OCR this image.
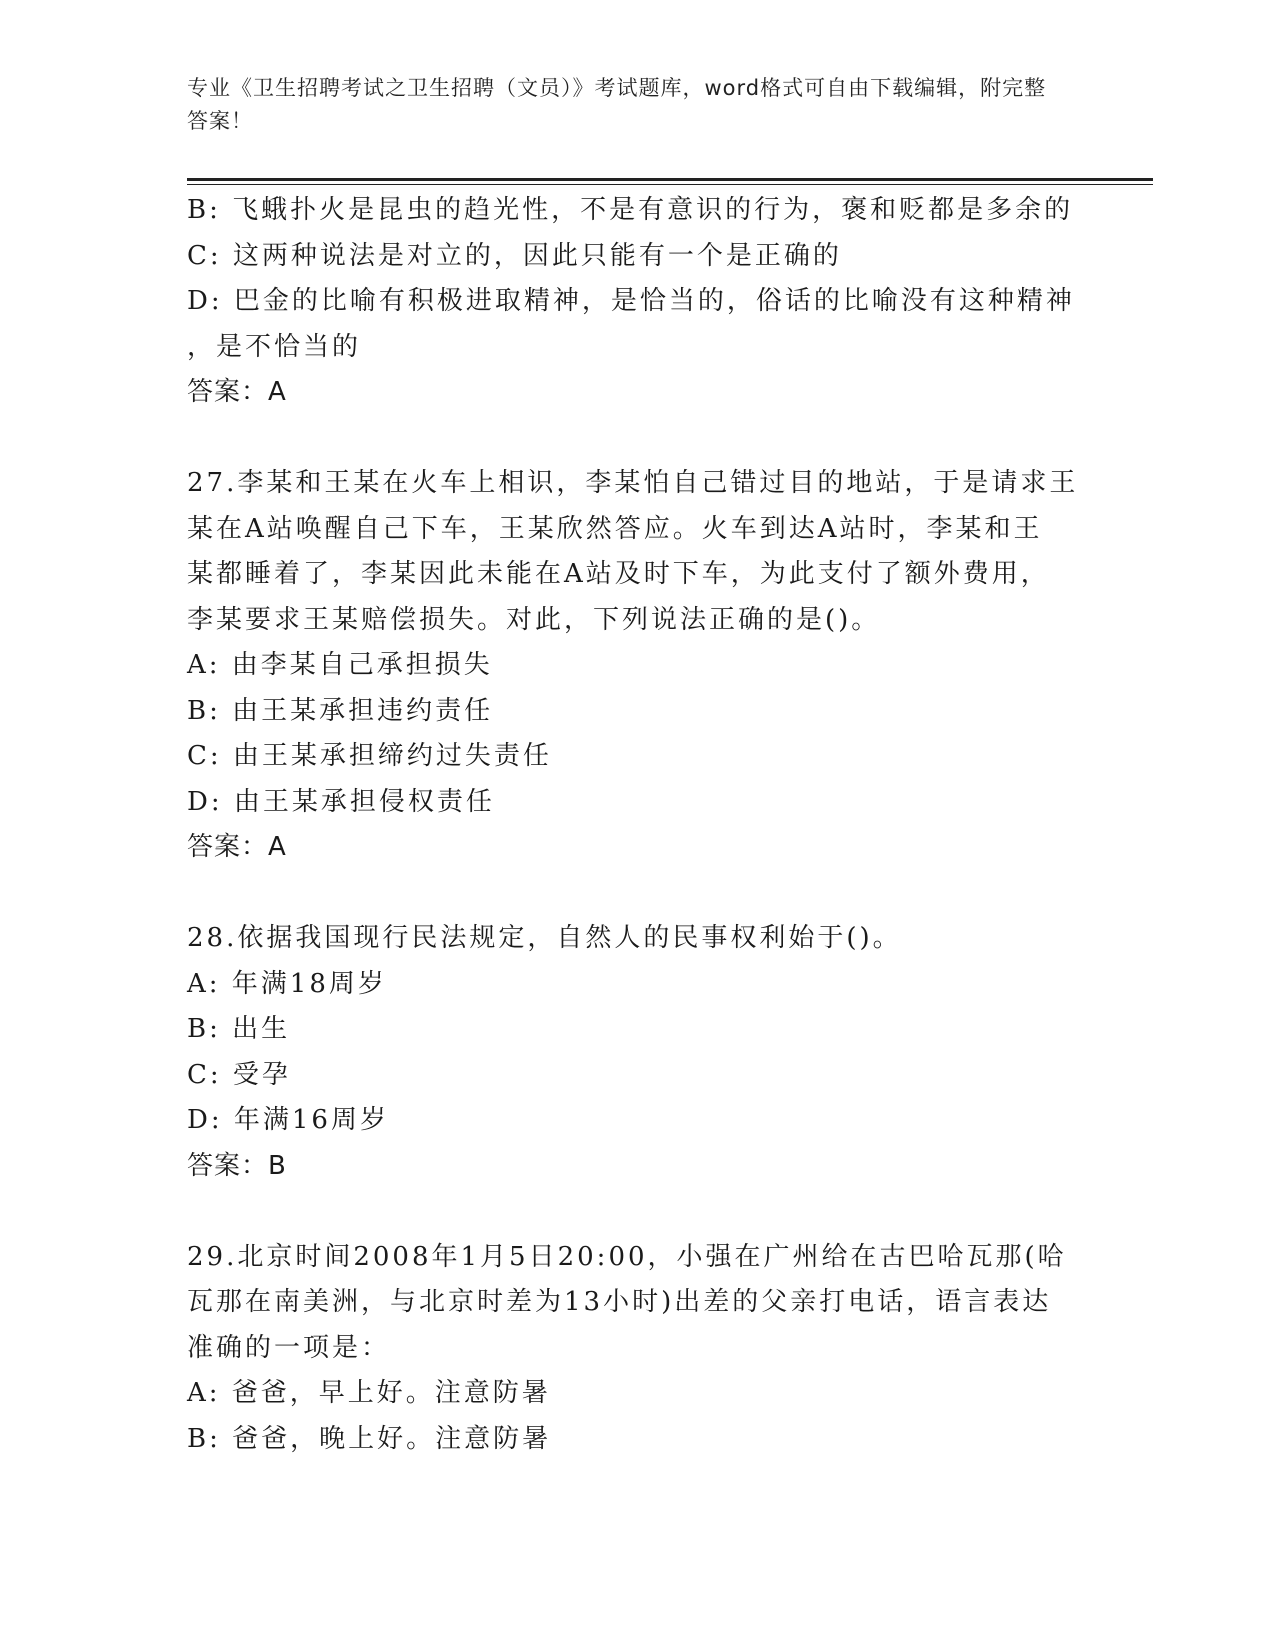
专业《卫生招聘考试之卫生招聘（文员）》考试题库，word格式可自由下载编辑，附完整答案！
B: 飞蛾扑火是昆虫的趋光性，不是有意识的行为，褒和贬都是多余的
C: 这两种说法是对立的，因此只能有一个是正确的
D: 巴金的比喻有积极进取精神，是恰当的，俗话的比喻没有这种精神
，是不恰当的
答案：A
27.李某和王某在火车上相识，李某怕自己错过目的地站，于是请求王
某在A站唤醒自己下车，王某欣然答应。火车到达A站时，李某和王
某都睡着了，李某因此未能在A站及时下车，为此支付了额外费用，
李某要求王某赔偿损失。对此，下列说法正确的是()。
A: 由李某自己承担损失
B: 由王某承担违约责任
C: 由王某承担缔约过失责任
D: 由王某承担侵权责任
答案：A
28.依据我国现行民法规定，自然人的民事权利始于()。
A: 年满18周岁
B: 出生
C: 受孕
D: 年满16周岁
答案：B
29.北京时间2008年1月5日20:00，小强在广州给在古巴哈瓦那(哈
瓦那在南美洲，与北京时差为13小时)出差的父亲打电话，语言表达
准确的一项是：
A: 爸爸，早上好。注意防暑
B: 爸爸，晚上好。注意防暑
